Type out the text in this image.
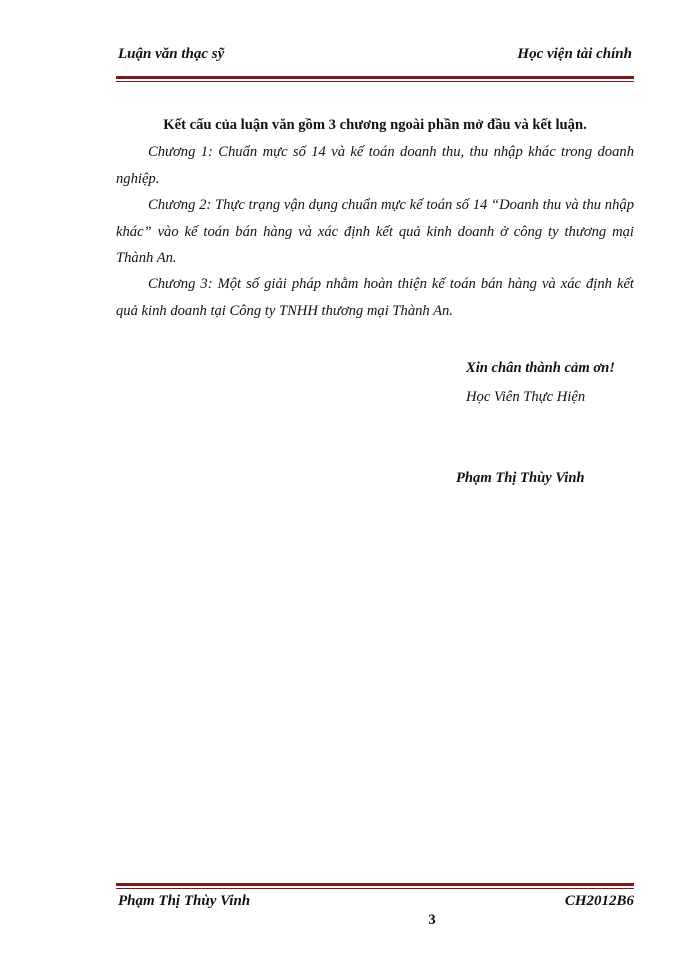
Luận văn thạc sỹ	Học viện tài chính
Kết cấu của luận văn gồm 3 chương ngoài phần mở đầu và kết luận.
Chương 1: Chuẩn mực số 14 và kế toán doanh thu, thu nhập khác trong doanh nghiệp.
Chương 2: Thực trạng vận dụng chuẩn mực kế toán số 14 “Doanh thu và thu nhập khác” vào kế toán bán hàng và xác định kết quả kinh doanh ở công ty thương mại Thành An.
Chương 3: Một số giải pháp nhằm hoàn thiện kế toán bán hàng và xác định kết quả kinh doanh tại Công ty TNHH thương mại Thành An.
Xin chân thành cảm ơn!
Học Viên Thực Hiện
Phạm Thị Thùy Vinh
Phạm Thị Thùy Vinh	CH2012B6
3
